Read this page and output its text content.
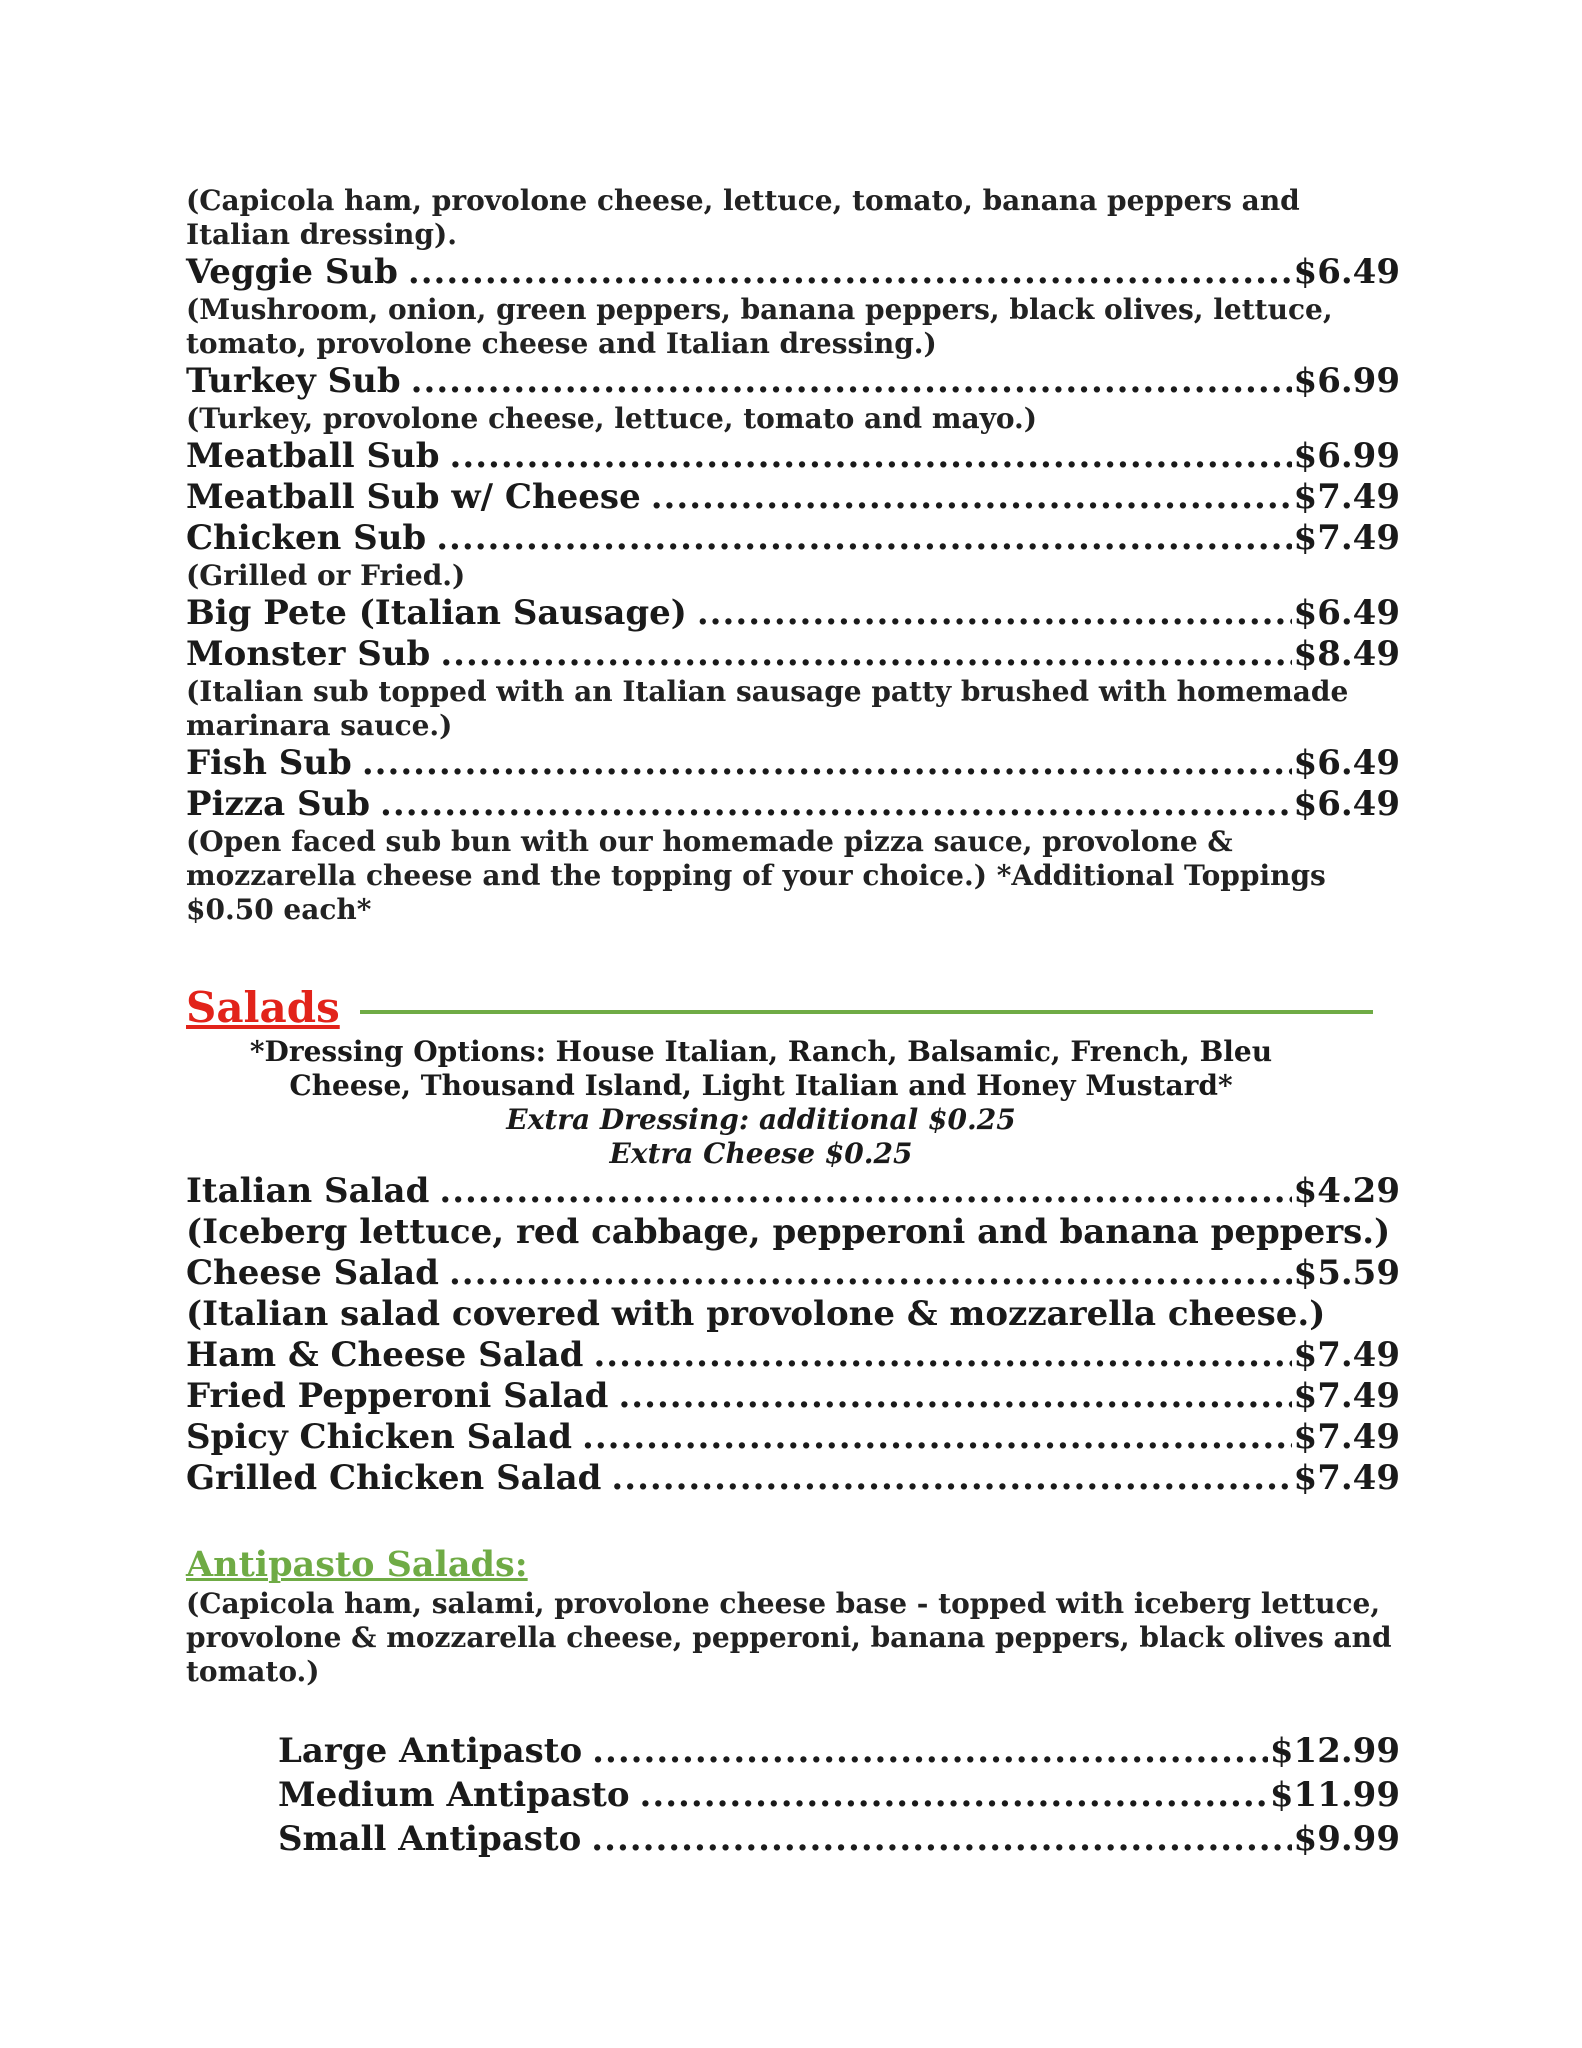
(Capicola ham, provolone cheese, lettuce, tomato, banana peppers and Italian dressing).
Veggie Sub .....	$6.49
(Mushroom, onion, green peppers, banana peppers, black olives, lettuce, tomato, provolone cheese and Italian dressing.)
Turkey Sub .....	$6.99
(Turkey, provolone cheese, lettuce, tomato and mayo.)
Meatball Sub .....	$6.99
Meatball Sub w/ Cheese .....	$7.49
Chicken Sub .....	$7.49
(Grilled or Fried.)
Big Pete (Italian Sausage) .....	$6.49
Monster Sub .....	$8.49
(Italian sub topped with an Italian sausage patty brushed with homemade marinara sauce.)
Fish Sub .....	$6.49
Pizza Sub .....	$6.49
(Open faced sub bun with our homemade pizza sauce, provolone & mozzarella cheese and the topping of your choice.) *Additional Toppings $0.50 each*
Salads
*Dressing Options: House Italian, Ranch, Balsamic, French, Bleu Cheese, Thousand Island, Light Italian and Honey Mustard*
Extra Dressing: additional $0.25
Extra Cheese $0.25
Italian Salad .....	$4.29
(Iceberg lettuce, red cabbage, pepperoni and banana peppers.)
Cheese Salad .....	$5.59
(Italian salad covered with provolone & mozzarella cheese.)
Ham & Cheese Salad .....	$7.49
Fried Pepperoni Salad .....	$7.49
Spicy Chicken Salad .....	$7.49
Grilled Chicken Salad .....	$7.49
Antipasto Salads:
(Capicola ham, salami, provolone cheese base - topped with iceberg lettuce, provolone & mozzarella cheese, pepperoni, banana peppers, black olives and tomato.)
Large Antipasto .....	$12.99
Medium Antipasto .....	$11.99
Small Antipasto .....	$9.99
